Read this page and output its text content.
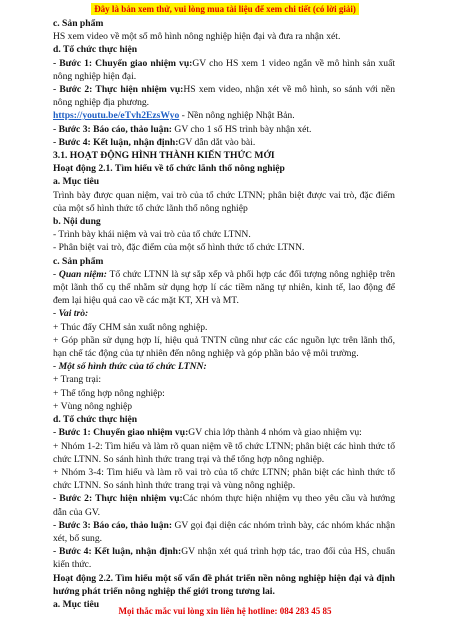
Đây là bản xem thử, vui lòng mua tài liệu để xem chi tiết (có lời giải)

c. Sản phẩm

HS xem video về một số mô hình nông nghiệp hiện đại và đưa ra nhận xét.

d. Tổ chức thực hiện

- Bước 1: Chuyển giao nhiệm vụ:GV cho HS xem 1 video ngắn về mô hình sản xuất nông nghiệp hiện đại.

- Bước 2: Thực hiện nhiệm vụ:HS xem video, nhận xét về mô hình, so sánh với nền nông nghiệp địa phương.

https://youtu.be/eTvh2EzsWyo - Nền nông nghiệp Nhật Bản.

- Bước 3: Báo cáo, thảo luận: GV cho 1 số HS trình bày nhận xét.

- Bước 4: Kết luận, nhận định:GV dẫn dắt vào bài.

3.1. HOẠT ĐỘNG HÌNH THÀNH KIẾN THỨC MỚI

Hoạt động 2.1. Tìm hiểu về tổ chức lãnh thổ nông nghiệp

a. Mục tiêu

Trình bày được quan niệm, vai trò của tổ chức LTNN; phân biệt được vai trò, đặc điểm của một số hình thức tổ chức lãnh thổ nông nghiệp

b. Nội dung

- Trình bày khái niệm và vai trò của tổ chức LTNN.

- Phân biệt vai trò, đặc điểm của một số hình thức tổ chức LTNN.

c. Sản phẩm

- Quan niệm: Tổ chức LTNN là sự sắp xếp và phối hợp các đối tượng nông nghiệp trên một lãnh thổ cụ thể nhằm sử dụng hợp lí các tiềm năng tự nhiên, kinh tế, lao động để đem lại hiệu quả cao về các mặt KT, XH và MT.

- Vai trò:

+ Thúc đẩy CHM sản xuất nông nghiệp.

+ Góp phần sử dụng hợp lí, hiệu quả TNTN cũng như các các nguồn lực trên lãnh thổ, hạn chế tác động của tự nhiên đến nông nghiệp và góp phần bảo vệ môi trường.

- Một số hình thức của tổ chức LTNN:

+ Trang trại:

+ Thể tổng hợp nông nghiệp:

+ Vùng nông nghiệp

d. Tổ chức thực hiện

- Bước 1: Chuyển giao nhiệm vụ:GV chia lớp thành 4 nhóm và giao nhiệm vụ:

+ Nhóm 1-2: Tìm hiểu và làm rõ quan niệm về tổ chức LTNN; phân biệt các hình thức tổ chức LTNN. So sánh hình thức trang trại và thể tổng hợp nông nghiệp.

+ Nhóm 3-4: Tìm hiểu và làm rõ vai trò của tổ chức LTNN; phân biệt các hình thức tổ chức LTNN. So sánh hình thức trang trại và vùng nông nghiệp.

- Bước 2: Thực hiện nhiệm vụ:Các nhóm thực hiện nhiệm vụ theo yêu cầu và hướng dẫn của GV.

- Bước 3: Báo cáo, thảo luận: GV gọi đại diện các nhóm trình bày, các nhóm khác nhận xét, bổ sung.

- Bước 4: Kết luận, nhận định:GV nhận xét quá trình hợp tác, trao đổi của HS, chuẩn kiến thức.

Hoạt động 2.2. Tìm hiểu một số vấn đề phát triển nền nông nghiệp hiện đại và định hướng phát triển nông nghiệp thế giới trong tương lai.

a. Mục tiêu

Mọi thắc mắc vui lòng xin liên hệ hotline: 084 283 45 85
